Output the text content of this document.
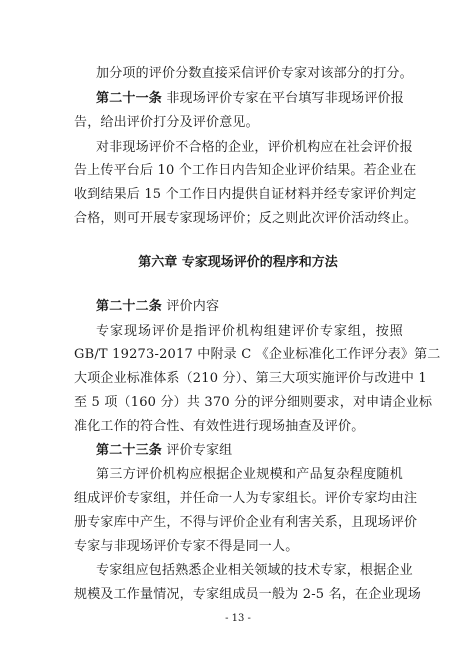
加分项的评价分数直接采信评价专家对该部分的打分。
第二十一条 非现场评价专家在平台填写非现场评价报
告，给出评价打分及评价意见。
对非现场评价不合格的企业，评价机构应在社会评价报
告上传平台后 10 个工作日内告知企业评价结果。若企业在
收到结果后 15 个工作日内提供自证材料并经专家评价判定
合格，则可开展专家现场评价；反之则此次评价活动终止。
第六章 专家现场评价的程序和方法
第二十二条 评价内容
专家现场评价是指评价机构组建评价专家组，按照
GB/T 19273-2017 中附录 C 《企业标准化工作评分表》第二
大项企业标准体系（210 分）、第三大项实施评价与改进中 1
至 5 项（160 分）共 370 分的评分细则要求，对申请企业标
准化工作的符合性、有效性进行现场抽查及评价。
第二十三条 评价专家组
第三方评价机构应根据企业规模和产品复杂程度随机
组成评价专家组，并任命一人为专家组长。评价专家均由注
册专家库中产生，不得与评价企业有利害关系，且现场评价
专家与非现场评价专家不得是同一人。
专家组应包括熟悉企业相关领域的技术专家，根据企业
规模及工作量情况，专家组成员一般为 2-5 名，在企业现场
- 13 -
